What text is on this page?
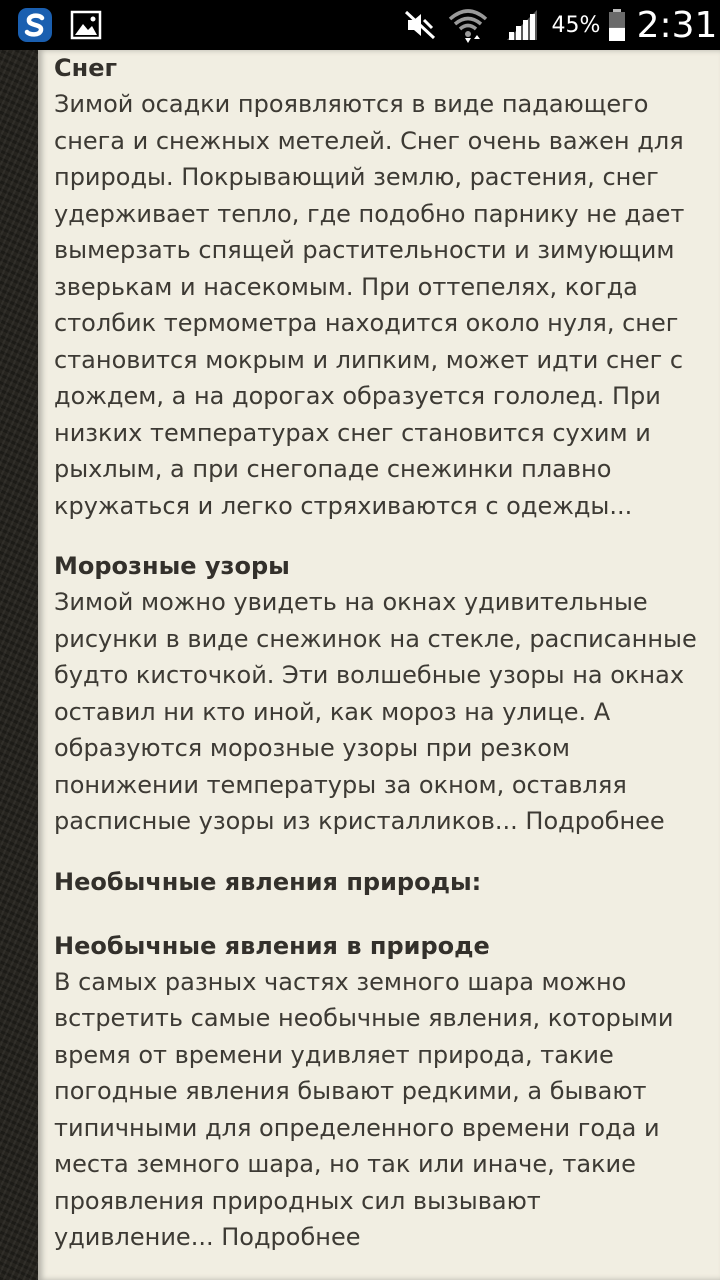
45% 2:31
Снег
Зимой осадки проявляются в виде падающего
снега и снежных метелей. Снег очень важен для
природы. Покрывающий землю, растения, снег
удерживает тепло, где подобно парнику не дает
вымерзать спящей растительности и зимующим
зверькам и насекомым. При оттепелях, когда
столбик термометра находится около нуля, снег
становится мокрым и липким, может идти снег с
дождем, а на дорогах образуется гололед. При
низких температурах снег становится сухим и
рыхлым, а при снегопаде снежинки плавно
кружаться и легко стряхиваются с одежды...
Морозные узоры
Зимой можно увидеть на окнах удивительные
рисунки в виде снежинок на стекле, расписанные
будто кисточкой. Эти волшебные узоры на окнах
оставил ни кто иной, как мороз на улице. А
образуются морозные узоры при резком
понижении температуры за окном, оставляя
расписные узоры из кристалликов... Подробнее
Необычные явления природы:
Необычные явления в природе
В самых разных частях земного шара можно
встретить самые необычные явления, которыми
время от времени удивляет природа, такие
погодные явления бывают редкими, а бывают
типичными для определенного времени года и
места земного шара, но так или иначе, такие
проявления природных сил вызывают
удивление... Подробнее
